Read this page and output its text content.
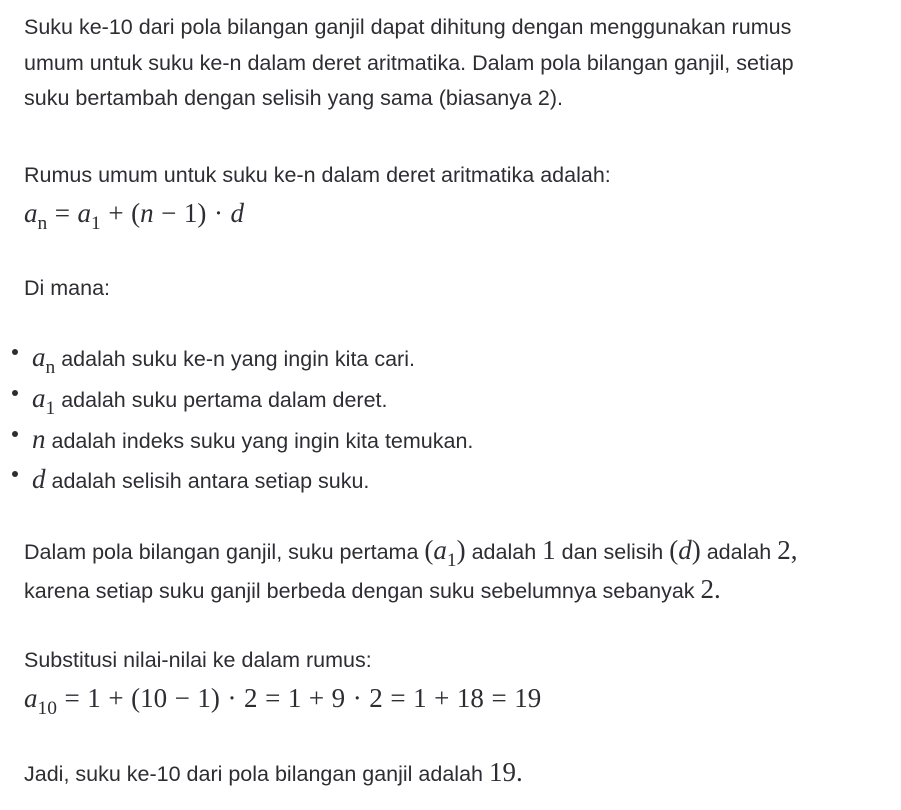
Suku ke-10 dari pola bilangan ganjil dapat dihitung dengan menggunakan rumus
umum untuk suku ke-n dalam deret aritmatika. Dalam pola bilangan ganjil, setiap
suku bertambah dengan selisih yang sama (biasanya 2).
Rumus umum untuk suku ke-n dalam deret aritmatika adalah:
$a_n = a_1 + (n - 1) \cdot d$
Di mana:
$a_n$ adalah suku ke-n yang ingin kita cari.
$a_1$ adalah suku pertama dalam deret.
n adalah indeks suku yang ingin kita temukan.
d adalah selisih antara setiap suku.
Dalam pola bilangan ganjil, suku pertama $(a_1)$ adalah 1 dan selisih (d) adalah 2,
karena setiap suku ganjil berbeda dengan suku sebelumnya sebanyak 2.
Substitusi nilai-nilai ke dalam rumus:
$a_{10} = 1 + (10 - 1) \cdot 2 = 1 + 9 \cdot 2 = 1 + 18 = 19$
Jadi, suku ke-10 dari pola bilangan ganjil adalah 19.
